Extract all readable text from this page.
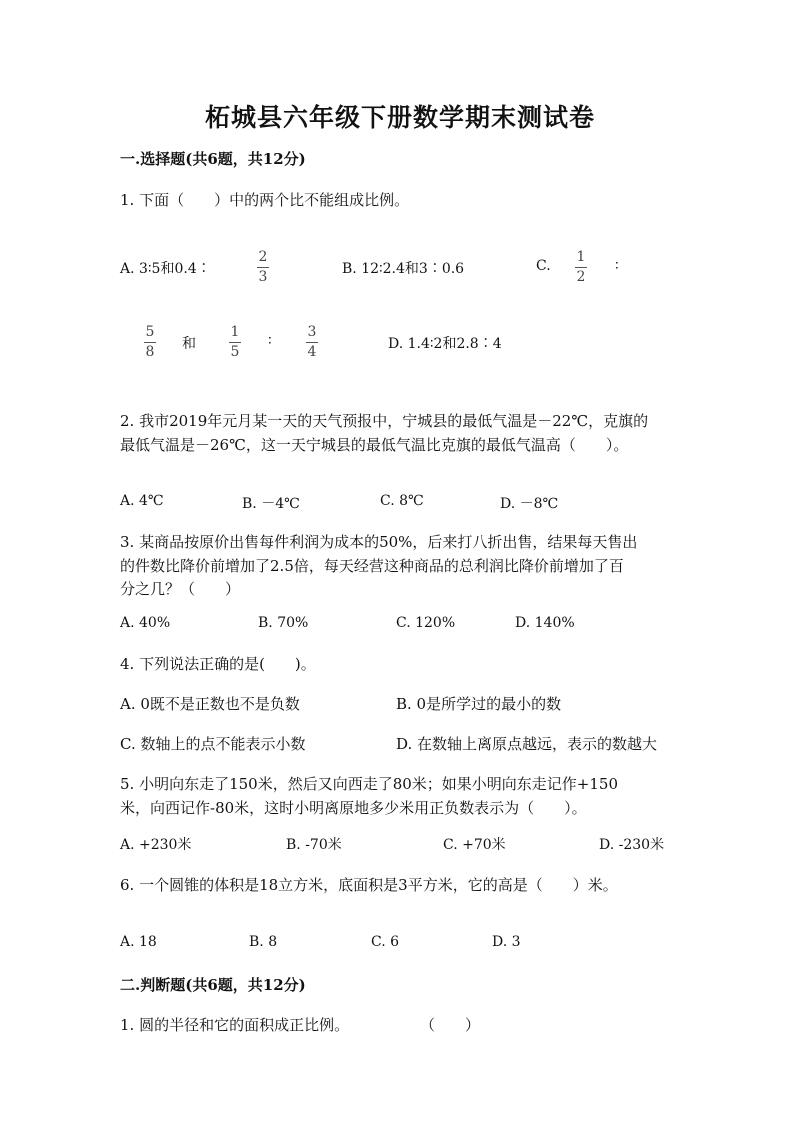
柘城县六年级下册数学期末测试卷
一.选择题(共6题，共12分)
1. 下面（　　）中的两个比不能组成比例。
A. 3∶5和0.4∶
2
3	B. 12∶2.4和3∶0.6	C.
1
2
∶
5
8 和
1
5
∶
3
4	D. 1.4∶2和2.8∶4
2. 我市2019年元月某一天的天气预报中，宁城县的最低气温是－22℃，克旗的
最低气温是－26℃，这一天宁城县的最低气温比克旗的最低气温高（　　）。
A. 4℃	B. －4℃	C. 8℃	D. －8℃
3. 某商品按原价出售每件利润为成本的50%，后来打八折出售，结果每天售出
的件数比降价前增加了2.5倍，每天经营这种商品的总利润比降价前增加了百
分之几？（　　）
A. 40%	B. 70%	C. 120%	D. 140%
4. 下列说法正确的是(　　)。
A. 0既不是正数也不是负数	B. 0是所学过的最小的数
C. 数轴上的点不能表示小数	D. 在数轴上离原点越远，表示的数越大
5. 小明向东走了150米，然后又向西走了80米；如果小明向东走记作+150
米，向西记作-80米，这时小明离原地多少米用正负数表示为（　　）。
A. +230米	B. -70米	C. +70米	D. -230米
6. 一个圆锥的体积是18立方米，底面积是3平方米，它的高是（　　）米。
A. 18	B. 8	C. 6	D. 3
二.判断题(共6题，共12分)
1. 圆的半径和它的面积成正比例。	（　　）
